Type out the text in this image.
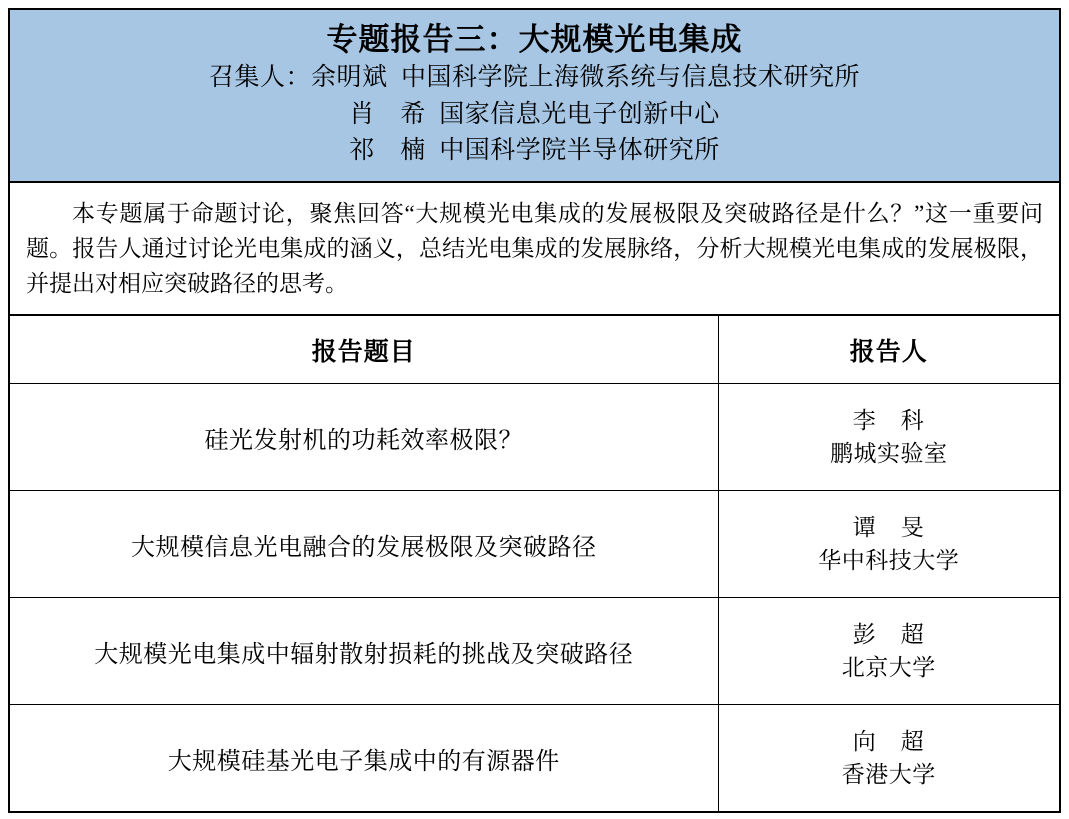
专题报告三：大规模光电集成
召集人：余明斌  中国科学院上海微系统与信息技术研究所
肖　希  国家信息光电子创新中心
祁　楠  中国科学院半导体研究所
本专题属于命题讨论，聚焦回答“大规模光电集成的发展极限及突破路径是什么？”这一重要问题。报告人通过讨论光电集成的涵义，总结光电集成的发展脉络，分析大规模光电集成的发展极限，并提出对相应突破路径的思考。
报告题目	报告人
硅光发射机的功耗效率极限？	李　科
鹏城实验室

大规模信息光电融合的发展极限及突破路径	谭　旻
华中科技大学

大规模光电集成中辐射散射损耗的挑战及突破路径	彭　超
北京大学

大规模硅基光电子集成中的有源器件	向　超
香港大学
